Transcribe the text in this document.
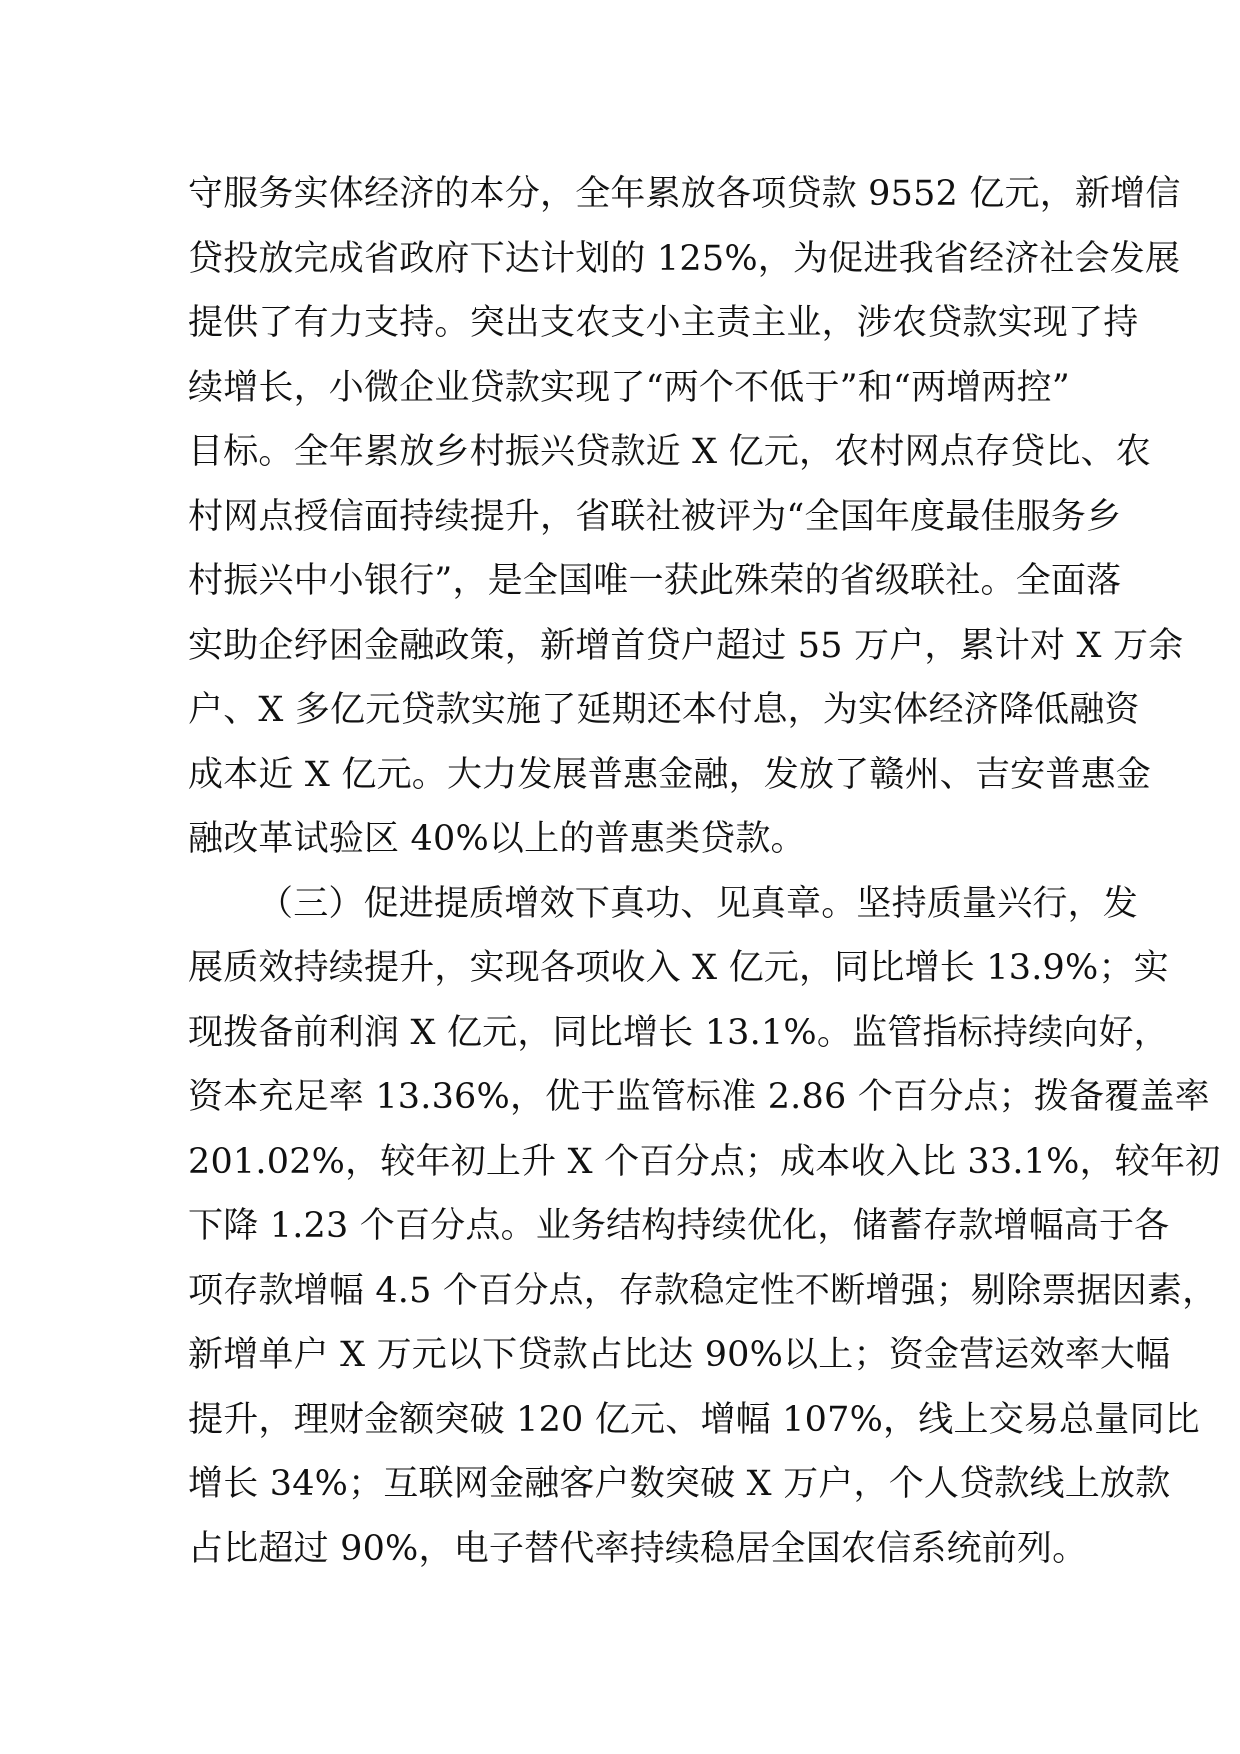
守服务实体经济的本分，全年累放各项贷款 9552 亿元，新增信
贷投放完成省政府下达计划的 125%，为促进我省经济社会发展
提供了有力支持。突出支农支小主责主业，涉农贷款实现了持
续增长，小微企业贷款实现了“两个不低于”和“两增两控”
目标。全年累放乡村振兴贷款近 X 亿元，农村网点存贷比、农
村网点授信面持续提升，省联社被评为“全国年度最佳服务乡
村振兴中小银行”，是全国唯一获此殊荣的省级联社。全面落
实助企纾困金融政策，新增首贷户超过 55 万户，累计对 X 万余
户、X 多亿元贷款实施了延期还本付息，为实体经济降低融资
成本近 X 亿元。大力发展普惠金融，发放了赣州、吉安普惠金
融改革试验区 40%以上的普惠类贷款。
（三）促进提质增效下真功、见真章。坚持质量兴行，发
展质效持续提升，实现各项收入 X 亿元，同比增长 13.9%；实
现拨备前利润 X 亿元，同比增长 13.1%。监管指标持续向好，
资本充足率 13.36%，优于监管标准 2.86 个百分点；拨备覆盖率
201.02%，较年初上升 X 个百分点；成本收入比 33.1%，较年初
下降 1.23 个百分点。业务结构持续优化，储蓄存款增幅高于各
项存款增幅 4.5 个百分点，存款稳定性不断增强；剔除票据因素，
新增单户 X 万元以下贷款占比达 90%以上；资金营运效率大幅
提升，理财金额突破 120 亿元、增幅 107%，线上交易总量同比
增长 34%；互联网金融客户数突破 X 万户，个人贷款线上放款
占比超过 90%，电子替代率持续稳居全国农信系统前列。
